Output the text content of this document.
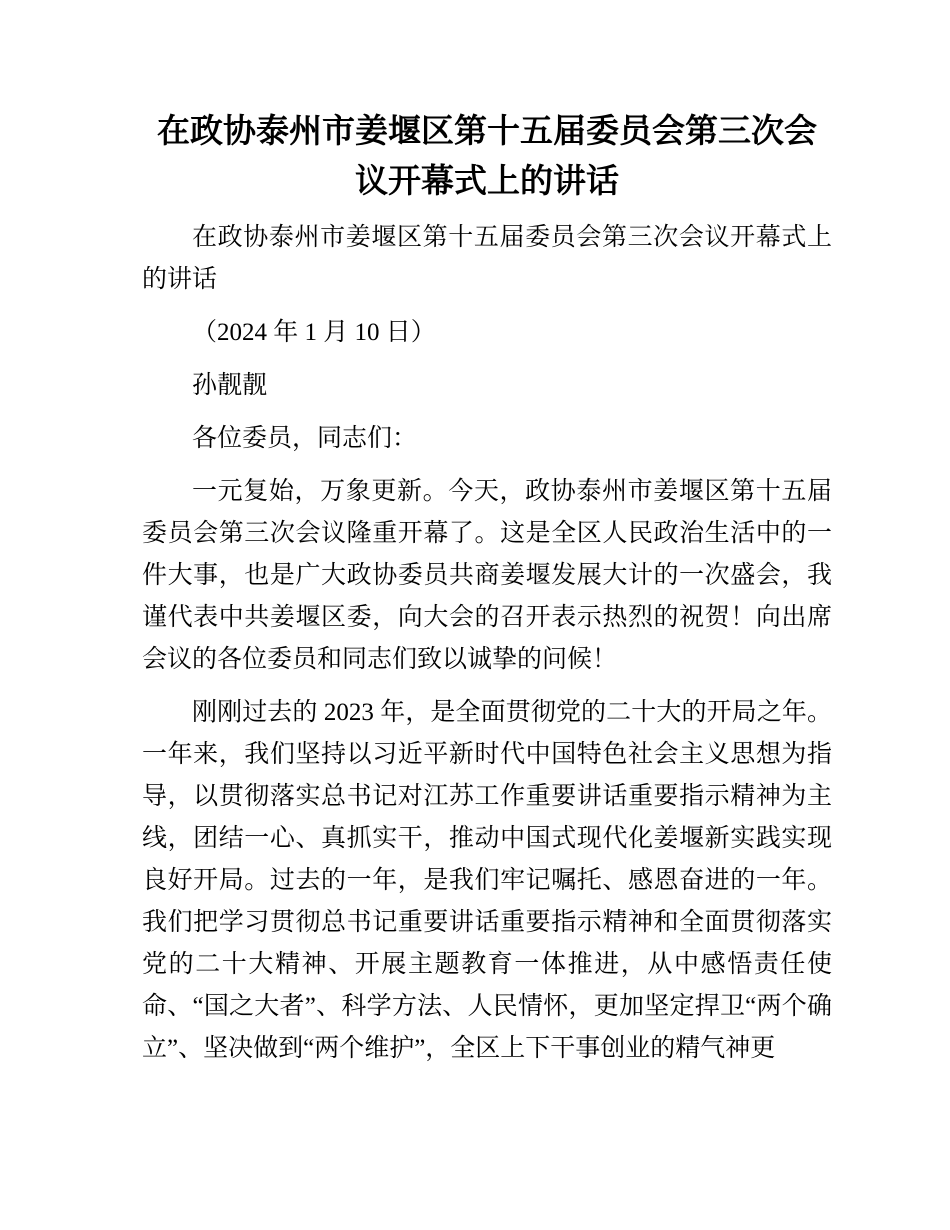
在政协泰州市姜堰区第十五届委员会第三次会议开幕式上的讲话

在政协泰州市姜堰区第十五届委员会第三次会议开幕式上的讲话

（2024 年 1 月 10 日）

孙靓靓

各位委员，同志们：

一元复始，万象更新。今天，政协泰州市姜堰区第十五届委员会第三次会议隆重开幕了。这是全区人民政治生活中的一件大事，也是广大政协委员共商姜堰发展大计的一次盛会，我谨代表中共姜堰区委，向大会的召开表示热烈的祝贺！向出席会议的各位委员和同志们致以诚挚的问候！

刚刚过去的 2023 年，是全面贯彻党的二十大的开局之年。一年来，我们坚持以习近平新时代中国特色社会主义思想为指导，以贯彻落实总书记对江苏工作重要讲话重要指示精神为主线，团结一心、真抓实干，推动中国式现代化姜堰新实践实现良好开局。过去的一年，是我们牢记嘱托、感恩奋进的一年。我们把学习贯彻总书记重要讲话重要指示精神和全面贯彻落实党的二十大精神、开展主题教育一体推进，从中感悟责任使命、“国之大者”、科学方法、人民情怀，更加坚定捍卫“两个确立”、坚决做到“两个维护”，全区上下干事创业的精气神更
